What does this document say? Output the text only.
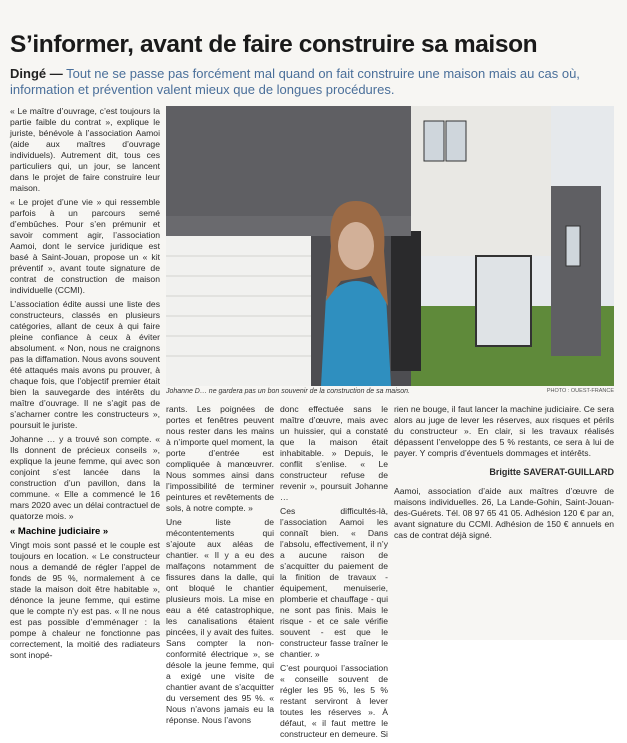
S’informer, avant de faire construire sa maison
Dingé — Tout ne se passe pas forcément mal quand on fait construire une maison mais au cas où, information et prévention valent mieux que de longues procédures.

« Le maître d’ouvrage, c’est toujours la partie faible du contrat », explique le juriste, bénévole à l’association Aamoi (aide aux maîtres d’ouvrage individuels). Autrement dit, tous ces particuliers qui, un jour, se lancent dans le projet de faire construire leur maison.

« Le projet d’une vie » qui ressemble parfois à un parcours semé d’embûches. Pour s’en prémunir et savoir comment agir, l’association Aamoi, dont le service juridique est basé à Saint-Jouan, propose un « kit préventif », avant toute signature de contrat de construction de maison individuelle (CCMI).

L’association édite aussi une liste des constructeurs, classés en plusieurs catégories, allant de ceux à qui faire pleine confiance à ceux à éviter absolument. « Non, nous ne craignons pas la diffamation. Nous avons souvent été attaqués mais avons pu prouver, à chaque fois, que l’objectif premier était bien la sauvegarde des intérêts du maître d’ouvrage. Il ne s’agit pas de s’acharner contre les constructeurs », poursuit le juriste.

Johanne … y a trouvé son compte. « Ils donnent de précieux conseils », explique la jeune femme, qui avec son conjoint s’est lancée dans la construction d’un pavillon, dans la commune. « Elle a commencé le 16 mars 2020 avec un délai contractuel de quatorze mois. »

« Machine judiciaire »

Vingt mois sont passé et le couple est toujours en location. « Le constructeur nous a demandé de régler l’appel de fonds de 95 %, normalement à ce stade la maison doit être habitable », dénonce la jeune femme, qui estime que le compte n’y est pas. « Il ne nous est pas possible d’emménager : la pompe à chaleur ne fonctionne pas correctement, la moitié des radiateurs sont inopé-

Johanne D… ne gardera pas un bon souvenir de la construction de sa maison.	PHOTO : OUEST-FRANCE

rants. Les poignées de portes et fenêtres peuvent nous rester dans les mains à n’importe quel moment, la porte d’entrée est compliquée à manœuvrer. Nous sommes ainsi dans l’impossibilité de terminer peintures et revêtements de sols, à notre compte. »

Une liste de mécontentements qui s’ajoute aux aléas de chantier. « Il y a eu des malfaçons notamment de fissures dans la dalle, qui ont bloqué le chantier plusieurs mois. La mise en eau a été catastrophique, les canalisations étaient pincées, il y avait des fuites. Sans compter la non-conformité électrique », se désole la jeune femme, qui a exigé une visite de chantier avant de s’acquitter du versement des 95 %. « Nous n’avons jamais eu la réponse. Nous l’avons

donc effectuée sans le maître d’œuvre, mais avec un huissier, qui a constaté que la maison était inhabitable. » Depuis, le conflit s’enlise. « Le constructeur refuse de revenir », poursuit Johanne …

Ces difficultés-là, l’association Aamoi les connaît bien. « Dans l’absolu, effectivement, il n’y a aucune raison de s’acquitter du paiement de la finition de travaux - équipement, menuiserie, plomberie et chauffage - qui ne sont pas finis. Mais le risque - et ce sale vérifie souvent - est que le constructeur fasse traîner le chantier. »

C’est pourquoi l’association « conseille souvent de régler les 95 %, les 5 % restant serviront à lever toutes les réserves ». À défaut, « il faut mettre le constructeur en demeure. Si

rien ne bouge, il faut lancer la machine judiciaire. Ce sera alors au juge de lever les réserves, aux risques et périls du constructeur ». En clair, si les travaux réalisés dépassent l’enveloppe des 5 % restants, ce sera à lui de payer. Y compris d’éventuels dommages et intérêts.

Brigitte SAVERAT-GUILLARD

Aamoi, association d’aide aux maîtres d’œuvre de maisons individuelles. 26, La Lande-Gohin, Saint-Jouan-des-Guérets. Tél. 08 97 65 41 05. Adhésion 120 € par an, avant signature du CCMI. Adhésion de 150 € annuels en cas de contrat déjà signé.
